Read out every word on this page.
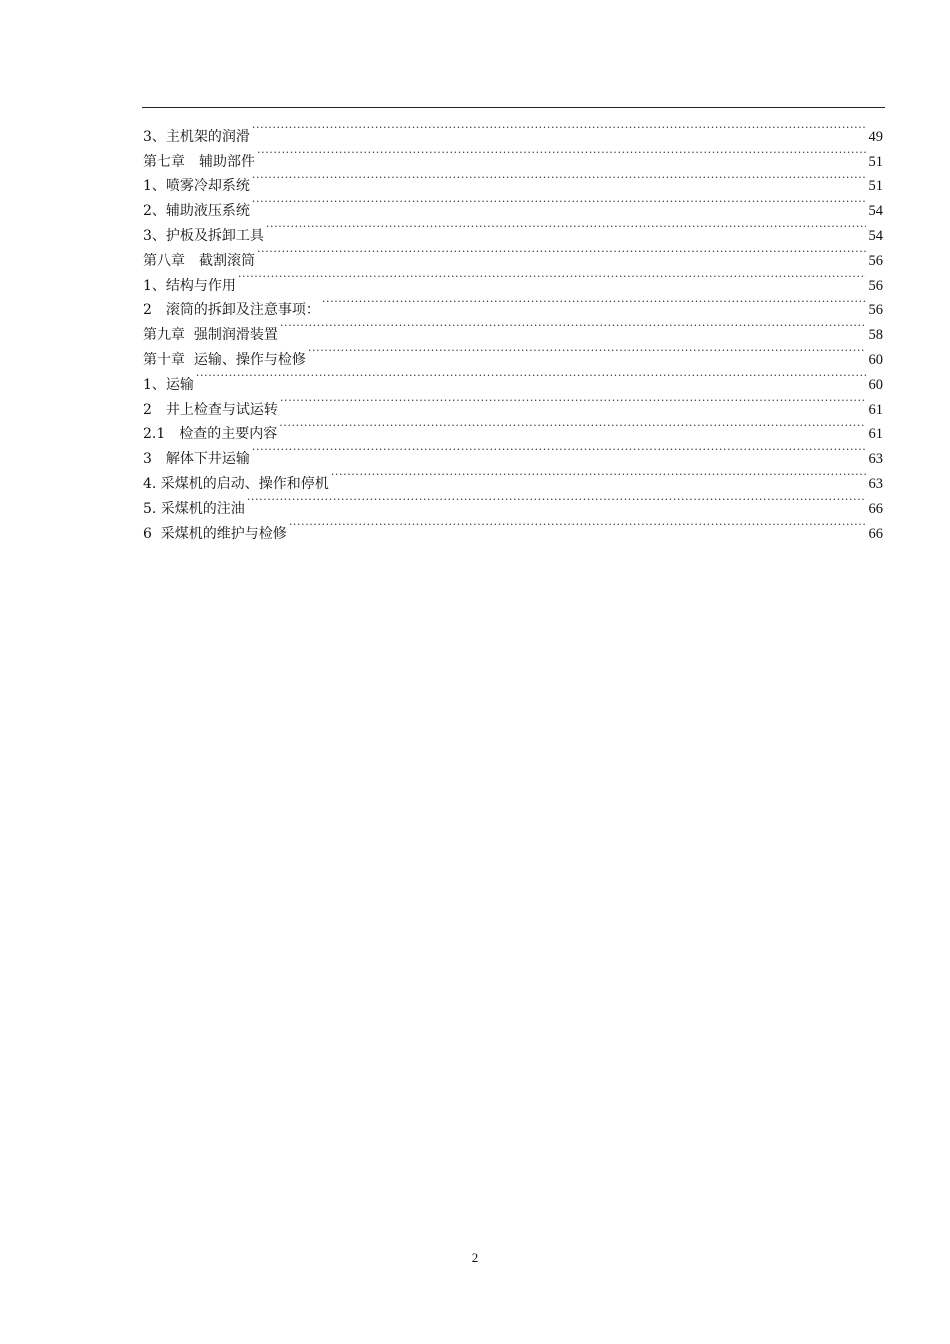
3、主机架的润滑 ·····	49
第七章　辅助部件 ·····	51
1、喷雾冷却系统 ·····	51
2、辅助液压系统 ·····	54
3、护板及拆卸工具 ·····	54
第八章　截割滚筒 ·····	56
1、结构与作用 ·····	56
2　滚筒的拆卸及注意事项： ·····	56
第九章  强制润滑装置 ·····	58
第十章  运输、操作与检修 ·····	60
1、运输 ·····	60
2　井上检查与试运转 ·····	61
2.1　检查的主要内容 ·····	61
3　解体下井运输 ·····	63
4. 采煤机的启动、操作和停机 ·····	63
5. 采煤机的注油 ·····	66
6  采煤机的维护与检修 ·····	66
2
